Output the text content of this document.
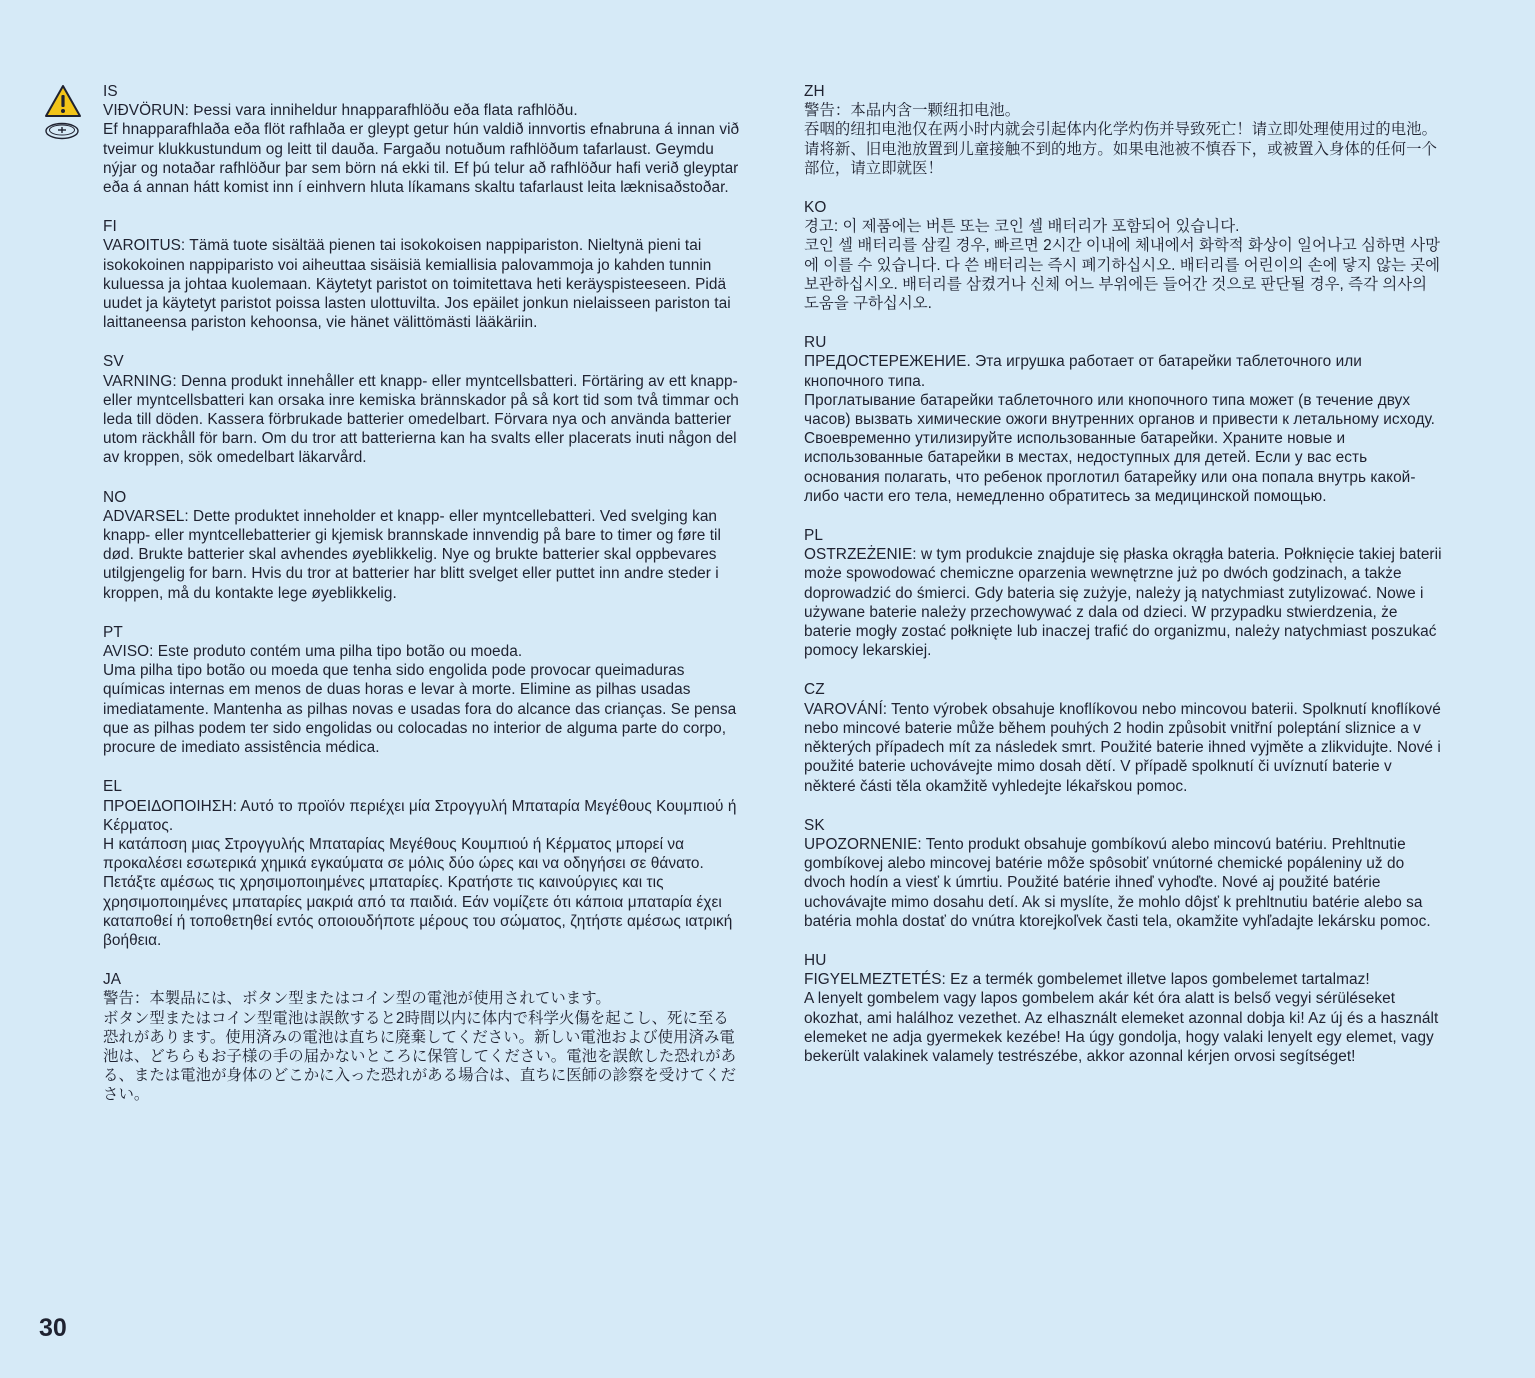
IS

VIÐVÖRUN: Þessi vara inniheldur hnapparafhlöðu eða flata rafhlöðu.

Ef hnapparafhlaða eða flöt rafhlaða er gleypt getur hún valdið innvortis efnabruna á innan við tveimur klukkustundum og leitt til dauða. Fargaðu notuðum rafhlöðum tafarlaust. Geymdu nýjar og notaðar rafhlöður þar sem börn ná ekki til. Ef þú telur að rafhlöður hafi verið gleyptar eða á annan hátt komist inn í einhvern hluta líkamans skaltu tafarlaust leita læknisaðstoðar.

FI

VAROITUS: Tämä tuote sisältää pienen tai isokokoisen nappipariston. Nieltynä pieni tai isokokoinen nappiparisto voi aiheuttaa sisäisiä kemiallisia palovammoja jo kahden tunnin kuluessa ja johtaa kuolemaan. Käytetyt paristot on toimitettava heti keräyspisteeseen. Pidä uudet ja käytetyt paristot poissa lasten ulottuvilta. Jos epäilet jonkun nielaisseen pariston tai laittaneensa pariston kehoonsa, vie hänet välittömästi lääkäriin.

SV

VARNING: Denna produkt innehåller ett knapp- eller myntcellsbatteri. Förtäring av ett knapp- eller myntcellsbatteri kan orsaka inre kemiska brännskador på så kort tid som två timmar och leda till döden. Kassera förbrukade batterier omedelbart. Förvara nya och använda batterier utom räckhåll för barn. Om du tror att batterierna kan ha svalts eller placerats inuti någon del av kroppen, sök omedelbart läkarvård.

NO

ADVARSEL: Dette produktet inneholder et knapp- eller myntcellebatteri. Ved svelging kan knapp- eller myntcellebatterier gi kjemisk brannskade innvendig på bare to timer og føre til død. Brukte batterier skal avhendes øyeblikkelig. Nye og brukte batterier skal oppbevares utilgjengelig for barn. Hvis du tror at batterier har blitt svelget eller puttet inn andre steder i kroppen, må du kontakte lege øyeblikkelig.

PT

AVISO: Este produto contém uma pilha tipo botão ou moeda.

Uma pilha tipo botão ou moeda que tenha sido engolida pode provocar queimaduras químicas internas em menos de duas horas e levar à morte. Elimine as pilhas usadas imediatamente. Mantenha as pilhas novas e usadas fora do alcance das crianças. Se pensa que as pilhas podem ter sido engolidas ou colocadas no interior de alguma parte do corpo, procure de imediato assistência médica.

EL

ΠΡΟΕΙΔΟΠΟΙΗΣΗ: Αυτό το προϊόν περιέχει μία Στρογγυλή Μπαταρία Μεγέθους Κουμπιού ή Κέρματος.

Η κατάποση μιας Στρογγυλής Μπαταρίας Μεγέθους Κουμπιού ή Κέρματος μπορεί να προκαλέσει εσωτερικά χημικά εγκαύματα σε μόλις δύο ώρες και να οδηγήσει σε θάνατο. Πετάξτε αμέσως τις χρησιμοποιημένες μπαταρίες. Κρατήστε τις καινούργιες και τις χρησιμοποιημένες μπαταρίες μακριά από τα παιδιά. Εάν νομίζετε ότι κάποια μπαταρία έχει καταποθεί ή τοποθετηθεί εντός οποιουδήποτε μέρους του σώματος, ζητήστε αμέσως ιατρική βοήθεια.

JA

警告：本製品には、ボタン型またはコイン型の電池が使用されています。

ボタン型またはコイン型電池は誤飲すると2時間以内に体内で科学火傷を起こし、死に至る恐れがあります。使用済みの電池は直ちに廃棄してください。新しい電池および使用済み電池は、どちらもお子様の手の届かないところに保管してください。電池を誤飲した恐れがある、または電池が身体のどこかに入った恐れがある場合は、直ちに医師の診察を受けてください。

ZH

警告：本品内含一颗纽扣电池。

吞咽的纽扣电池仅在两小时内就会引起体内化学灼伤并导致死亡！请立即处理使用过的电池。请将新、旧电池放置到儿童接触不到的地方。如果电池被不慎吞下，或被置入身体的任何一个部位，请立即就医！

KO

경고: 이 제품에는 버튼 또는 코인 셀 배터리가 포함되어 있습니다.

코인 셀 배터리를 삼킬 경우, 빠르면 2시간 이내에 체내에서 화학적 화상이 일어나고 심하면 사망에 이를 수 있습니다. 다 쓴 배터리는 즉시 폐기하십시오. 배터리를 어린이의 손에 닿지 않는 곳에 보관하십시오. 배터리를 삼켰거나 신체 어느 부위에든 들어간 것으로 판단될 경우, 즉각 의사의 도움을 구하십시오.

RU

ПРЕДОСТЕРЕЖЕНИЕ. Эта игрушка работает от батарейки таблеточного или кнопочного типа.

Проглатывание батарейки таблеточного или кнопочного типа может (в течение двух часов) вызвать химические ожоги внутренних органов и привести к летальному исходу. Своевременно утилизируйте использованные батарейки. Храните новые и использованные батарейки в местах, недоступных для детей. Если у вас есть основания полагать, что ребенок проглотил батарейку или она попала внутрь какой-либо части его тела, немедленно обратитесь за медицинской помощью.

PL

OSTRZEŻENIE: w tym produkcie znajduje się płaska okrągła bateria. Połknięcie takiej baterii może spowodować chemiczne oparzenia wewnętrzne już po dwóch godzinach, a także doprowadzić do śmierci. Gdy bateria się zużyje, należy ją natychmiast zutylizować. Nowe i używane baterie należy przechowywać z dala od dzieci. W przypadku stwierdzenia, że baterie mogły zostać połknięte lub inaczej trafić do organizmu, należy natychmiast poszukać pomocy lekarskiej.

CZ

VAROVÁNÍ: Tento výrobek obsahuje knoflíkovou nebo mincovou baterii. Spolknutí knoflíkové nebo mincové baterie může během pouhých 2 hodin způsobit vnitřní poleptání sliznice a v některých případech mít za následek smrt. Použité baterie ihned vyjměte a zlikvidujte. Nové i použité baterie uchovávejte mimo dosah dětí. V případě spolknutí či uvíznutí baterie v některé části těla okamžitě vyhledejte lékařskou pomoc.

SK

UPOZORNENIE: Tento produkt obsahuje gombíkovú alebo mincovú batériu. Prehltnutie gombíkovej alebo mincovej batérie môže spôsobiť vnútorné chemické popáleniny už do dvoch hodín a viesť k úmrtiu. Použité batérie ihneď vyhoďte. Nové aj použité batérie uchovávajte mimo dosahu detí. Ak si myslíte, že mohlo dôjsť k prehltnutiu batérie alebo sa batéria mohla dostať do vnútra ktorejkoľvek časti tela, okamžite vyhľadajte lekársku pomoc.

HU

FIGYELMEZTETÉS: Ez a termék gombelemet illetve lapos gombelemet tartalmaz!

A lenyelt gombelem vagy lapos gombelem akár két óra alatt is belső vegyi sérüléseket okozhat, ami halálhoz vezethet. Az elhasznált elemeket azonnal dobja ki! Az új és a használt elemeket ne adja gyermekek kezébe! Ha úgy gondolja, hogy valaki lenyelt egy elemet, vagy bekerült valakinek valamely testrészébe, akkor azonnal kérjen orvosi segítséget!

30
